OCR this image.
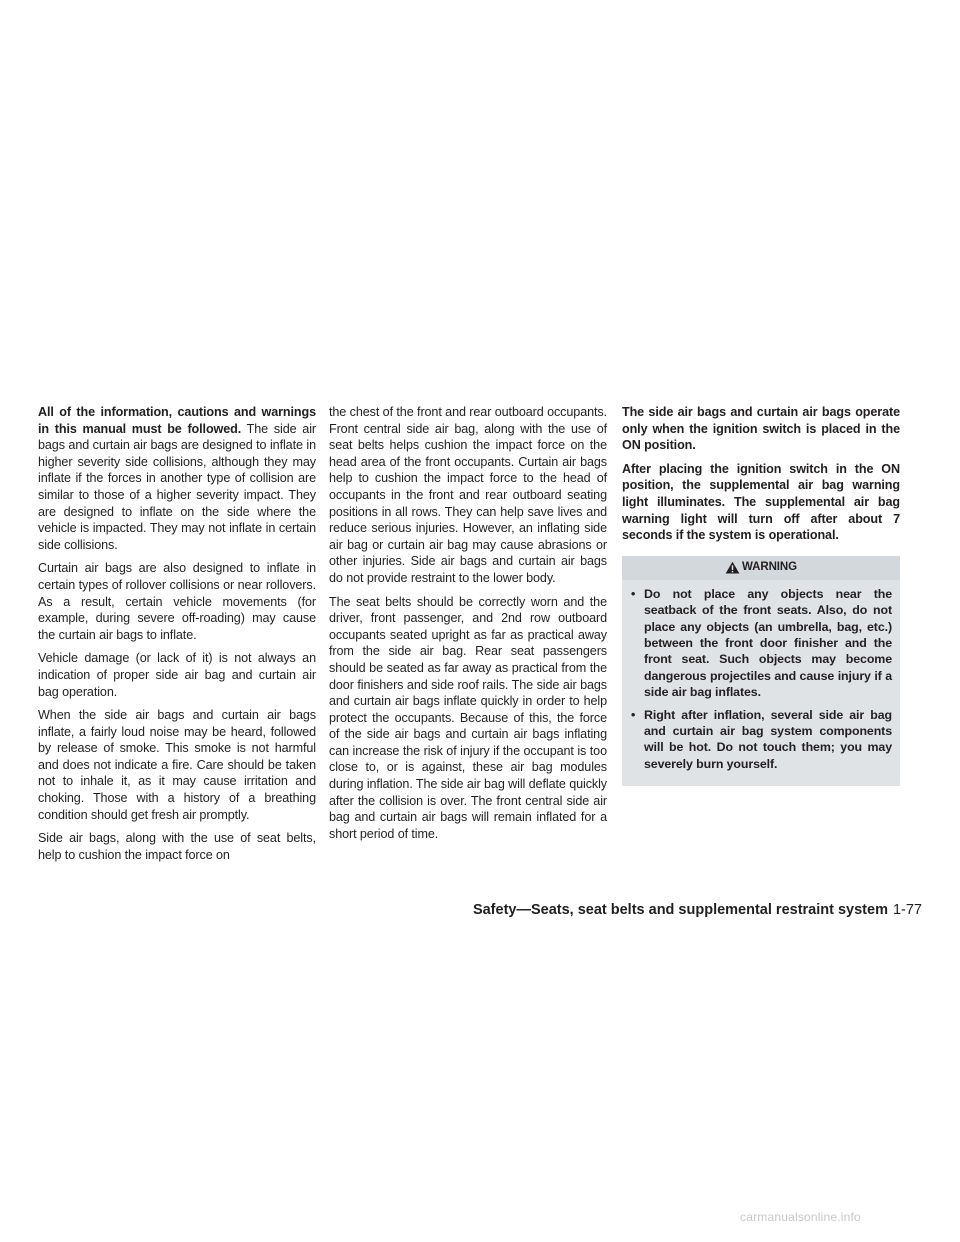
All of the information, cautions and warnings in this manual must be followed. The side air bags and curtain air bags are designed to inflate in higher severity side collisions, although they may inflate if the forces in another type of collision are similar to those of a higher severity impact. They are designed to inflate on the side where the vehicle is impacted. They may not inflate in certain side collisions.

Curtain air bags are also designed to inflate in certain types of rollover collisions or near rollovers. As a result, certain vehicle movements (for example, during severe off-roading) may cause the curtain air bags to inflate.

Vehicle damage (or lack of it) is not always an indication of proper side air bag and curtain air bag operation.

When the side air bags and curtain air bags inflate, a fairly loud noise may be heard, followed by release of smoke. This smoke is not harmful and does not indicate a fire. Care should be taken not to inhale it, as it may cause irritation and choking. Those with a history of a breathing condition should get fresh air promptly.

Side air bags, along with the use of seat belts, help to cushion the impact force on

the chest of the front and rear outboard occupants. Front central side air bag, along with the use of seat belts helps cushion the impact force on the head area of the front occupants. Curtain air bags help to cushion the impact force to the head of occupants in the front and rear outboard seating positions in all rows. They can help save lives and reduce serious injuries. However, an inflating side air bag or curtain air bag may cause abrasions or other injuries. Side air bags and curtain air bags do not provide restraint to the lower body.

The seat belts should be correctly worn and the driver, front passenger, and 2nd row outboard occupants seated upright as far as practical away from the side air bag. Rear seat passengers should be seated as far away as practical from the door finishers and side roof rails. The side air bags and curtain air bags inflate quickly in order to help protect the occupants. Because of this, the force of the side air bags and curtain air bags inflating can increase the risk of injury if the occupant is too close to, or is against, these air bag modules during inflation. The side air bag will deflate quickly after the collision is over. The front central side air bag and curtain air bags will remain inflated for a short period of time.

The side air bags and curtain air bags operate only when the ignition switch is placed in the ON position.

After placing the ignition switch in the ON position, the supplemental air bag warning light illuminates. The supplemental air bag warning light will turn off after about 7 seconds if the system is operational.

WARNING
• Do not place any objects near the seatback of the front seats. Also, do not place any objects (an umbrella, bag, etc.) between the front door finisher and the front seat. Such objects may become dangerous projectiles and cause injury if a side air bag inflates.
• Right after inflation, several side air bag and curtain air bag system components will be hot. Do not touch them; you may severely burn yourself.
Safety—Seats, seat belts and supplemental restraint system 1-77
carmanualsonline.info
